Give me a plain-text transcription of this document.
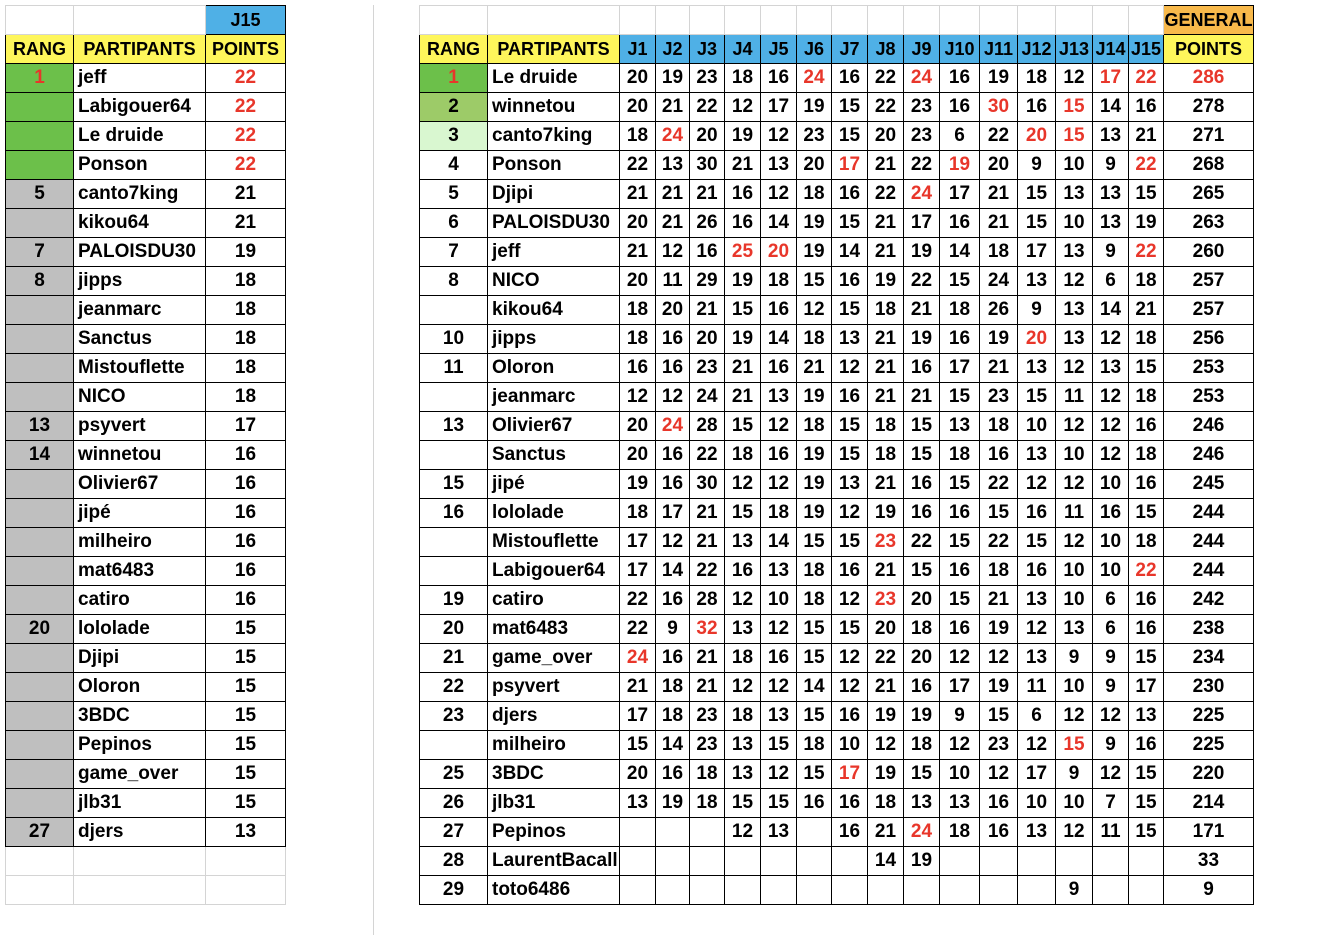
		J15
RANG	PARTIPANTS	POINTS
1	jeff	22
	Labigouer64	22
	Le druide	22
	Ponson	22
5	canto7king	21
	kikou64	21
7	PALOISDU30	19
8	jipps	18
	jeanmarc	18
	Sanctus	18
	Mistouflette	18
	NICO	18
13	psyvert	17
14	winnetou	16
	Olivier67	16
	jipé	16
	milheiro	16
	mat6483	16
	catiro	16
20	lololade	15
	Djipi	15
	Oloron	15
	3BDC	15
	Pepinos	15
	game_over	15
	jlb31	15
27	djers	13

																	GENERAL
RANG	PARTIPANTS	J1	J2	J3	J4	J5	J6	J7	J8	J9	J10	J11	J12	J13	J14	J15	POINTS
1	Le druide	20	19	23	18	16	24	16	22	24	16	19	18	12	17	22	286
2	winnetou	20	21	22	12	17	19	15	22	23	16	30	16	15	14	16	278
3	canto7king	18	24	20	19	12	23	15	20	23	6	22	20	15	13	21	271
4	Ponson	22	13	30	21	13	20	17	21	22	19	20	9	10	9	22	268
5	Djipi	21	21	21	16	12	18	16	22	24	17	21	15	13	13	15	265
6	PALOISDU30	20	21	26	16	14	19	15	21	17	16	21	15	10	13	19	263
7	jeff	21	12	16	25	20	19	14	21	19	14	18	17	13	9	22	260
8	NICO	20	11	29	19	18	15	16	19	22	15	24	13	12	6	18	257
	kikou64	18	20	21	15	16	12	15	18	21	18	26	9	13	14	21	257
10	jipps	18	16	20	19	14	18	13	21	19	16	19	20	13	12	18	256
11	Oloron	16	16	23	21	16	21	12	21	16	17	21	13	12	13	15	253
	jeanmarc	12	12	24	21	13	19	16	21	21	15	23	15	11	12	18	253
13	Olivier67	20	24	28	15	12	18	15	18	15	13	18	10	12	12	16	246
	Sanctus	20	16	22	18	16	19	15	18	15	18	16	13	10	12	18	246
15	jipé	19	16	30	12	12	19	13	21	16	15	22	12	12	10	16	245
16	lololade	18	17	21	15	18	19	12	19	16	16	15	16	11	16	15	244
	Mistouflette	17	12	21	13	14	15	15	23	22	15	22	15	12	10	18	244
	Labigouer64	17	14	22	16	13	18	16	21	15	16	18	16	10	10	22	244
19	catiro	22	16	28	12	10	18	12	23	20	15	21	13	10	6	16	242
20	mat6483	22	9	32	13	12	15	15	20	18	16	19	12	13	6	16	238
21	game_over	24	16	21	18	16	15	12	22	20	12	12	13	9	9	15	234
22	psyvert	21	18	21	12	12	14	12	21	16	17	19	11	10	9	17	230
23	djers	17	18	23	18	13	15	16	19	19	9	15	6	12	12	13	225
	milheiro	15	14	23	13	15	18	10	12	18	12	23	12	15	9	16	225
25	3BDC	20	16	18	13	12	15	17	19	15	10	12	17	9	12	15	220
26	jlb31	13	19	18	15	15	16	16	18	13	13	16	10	10	7	15	214
27	Pepinos				12	13		16	21	24	18	16	13	12	11	15	171
28	LaurentBacall								14	19							33
29	toto6486													9			9
